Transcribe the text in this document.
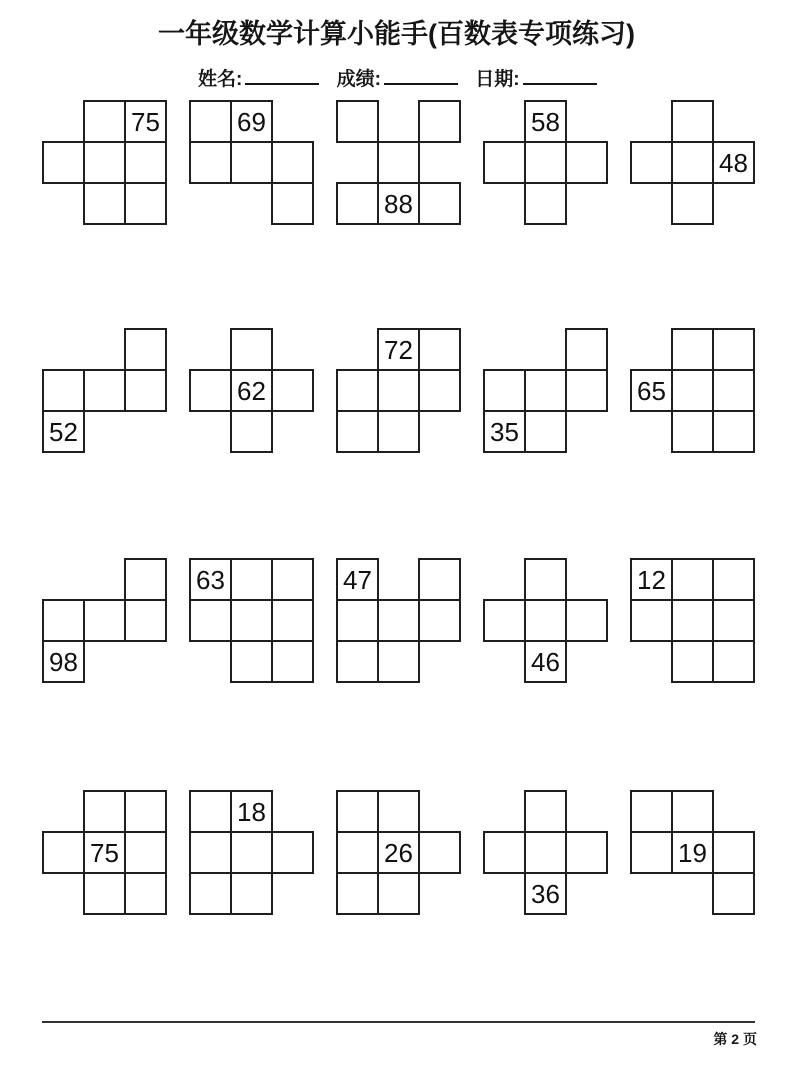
一年级数学计算小能手(百数表专项练习)
姓名:	成绩:	日期:
75	69
88
58
48
52
62
72
35
65
98
63	47
46
12
75
18
26
36
19
第 2 页
